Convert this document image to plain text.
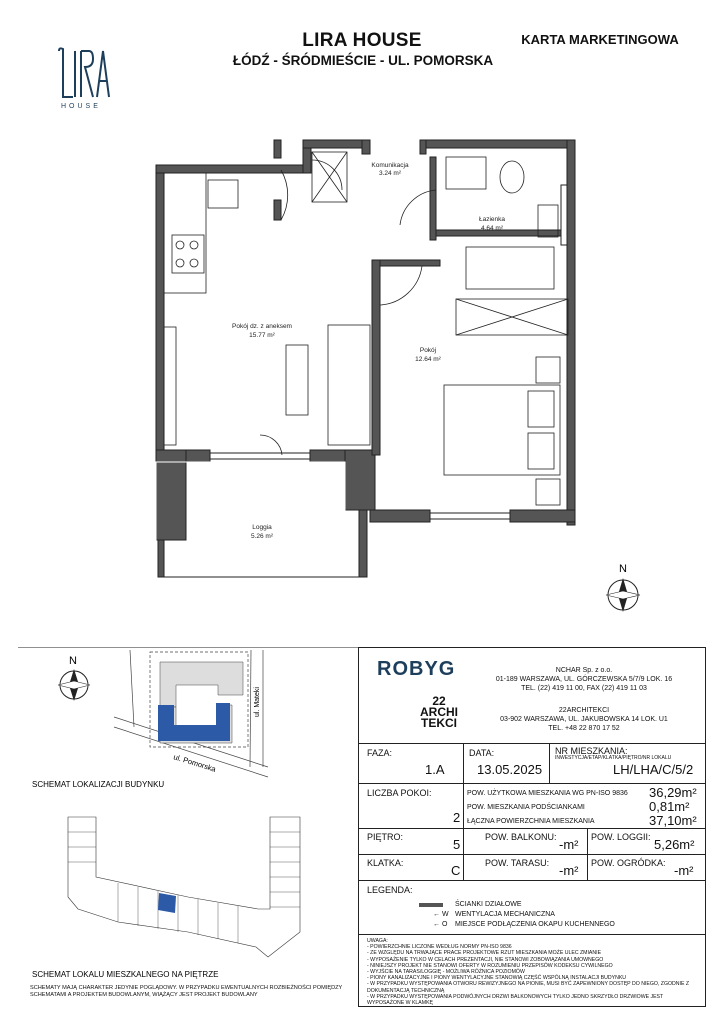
HOUSE
LIRA HOUSE
ŁÓDŹ - ŚRÓDMIEŚCIE - UL. POMORSKA
KARTA MARKETINGOWA
Komunikacja
3.24 m²
Łazienka
4.64 m²
Pokój dz. z aneksem
15.77 m²
Pokój
12.64 m²
Loggia
5.26 m²
N
N
ul. Pomorska
ul. Mateki
SCHEMAT LOKALIZACJI BUDYNKU
SCHEMAT LOKALU MIESZKALNEGO NA PIĘTRZE
SCHEMATY MAJĄ CHARAKTER JEDYNIE POGLĄDOWY. W PRZYPADKU EWENTUALNYCH ROZBIEŻNOŚCI POMIĘDZY SCHEMATAMI A PROJEKTEM BUDOWLANYM, WIĄŻĄCY JEST PROJEKT BUDOWLANY
ROBYG	NCHAR Sp. z o.o.
01-189 WARSZAWA, UL. GÓRCZEWSKA 5/7/9 LOK. 16
TEL. (22) 419 11 00, FAX (22) 419 11 03
22
ARCHI
TEKCI
22ARCHITEKCI
03-902 WARSZAWA, UL. JAKUBOWSKA 14 LOK. U1
TEL. +48 22 870 17 52
FAZA:
1.A
DATA:
13.05.2025
NR MIESZKANIA:
INWESTYCJA/ETAP/KLATKA/PIĘTRO/NR LOKALU
LH/LHA/C/5/2
LICZBA POKOI:
2
POW. UŻYTKOWA MIESZKANIA WG PN-ISO 9836 36,29m²
POW. MIESZKANIA PODŚCIANKAMI	0,81m²
ŁĄCZNA POWIERZCHNIA MIESZKANIA	37,10m²
PIĘTRO:	5	POW. BALKONU: -m² POW. LOGGII: 5,26m²
KLATKA:	C	POW. TARASU: -m² POW. OGRÓDKA: -m²
LEGENDA:
ŚCIANKI DZIAŁOWE
← W WENTYLACJA MECHANICZNA
← O MIEJSCE PODŁĄCZENIA OKAPU KUCHENNEGO
UWAGA:
- POWIERZCHNIE LICZONE WEDŁUG NORMY PN-ISO 9836
- ZE WZGLĘDU NA TRWAJĄCE PRACE PROJEKTOWE RZUT MIESZKANIA MOŻE ULEC ZMIANIE
- WYPOSAŻENIE TYLKO W CELACH PREZENTACJI, NIE STANOWI ZOBOWIĄZANIA UMOWNEGO
- NINIEJSZY PROJEKT NIE STANOWI OFERTY W ROZUMIENIU PRZEPISÓW KODEKSU CYWILNEGO
- WYJŚCIE NA TARAS/LOGGIĘ - MOŻLIWA RÓŻNICA POZIOMÓW
- PIONY KANALIZACYJNE I PIONY WENTYLACYJNE STANOWIĄ CZĘŚĆ WSPÓLNĄ INSTALACJI BUDYNKU
- W PRZYPADKU WYSTĘPOWANIA OTWORU REWIZYJNEGO NA PIONIE, MUSI BYĆ ZAPEWNIONY DOSTĘP DO NIEGO, ZGODNIE Z DOKUMENTACJĄ TECHNICZNĄ
- W PRZYPADKU WYSTĘPOWANIA PODWÓJNYCH DRZWI BALKONOWYCH TYLKO JEDNO SKRZYDŁO DRZWIOWE JEST WYPOSAŻONE W KLAMKĘ
